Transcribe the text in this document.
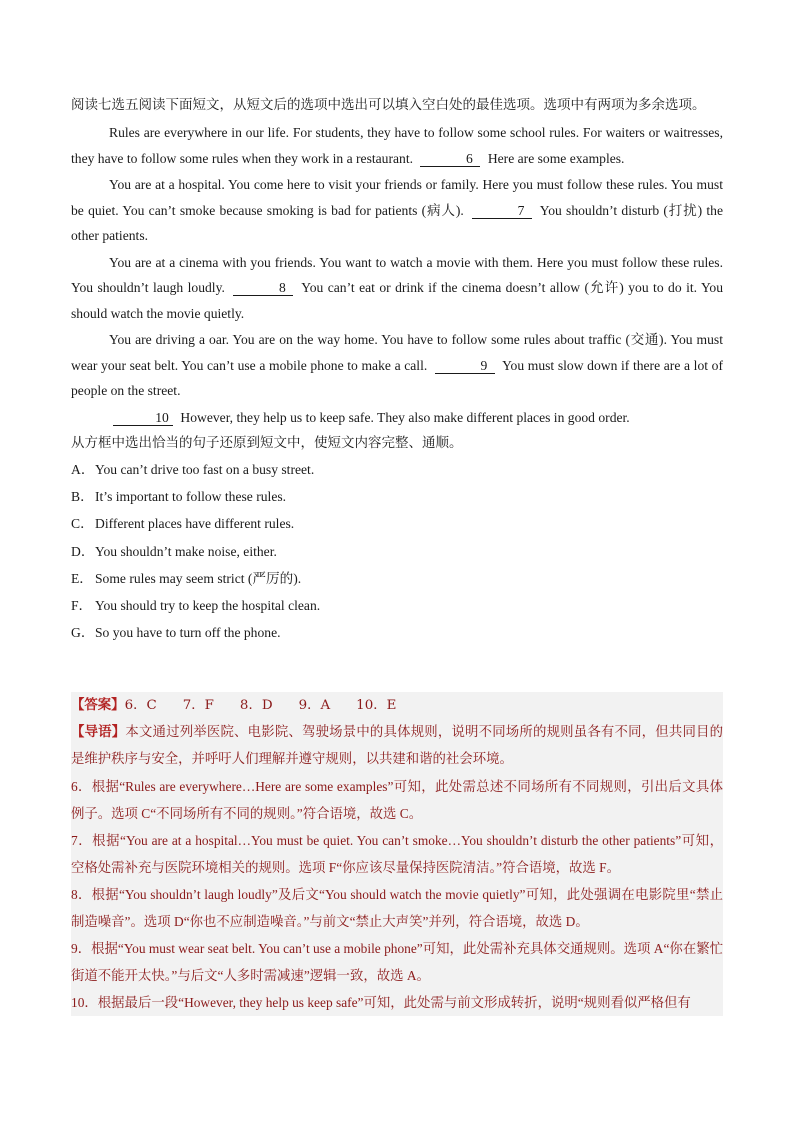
阅读七选五阅读下面短文，从短文后的选项中选出可以填入空白处的最佳选项。选项中有两项为多余选项。

Rules are everywhere in our life. For students, they have to follow some school rules. For waiters or waitresses, they have to follow some rules when they work in a restaurant.	6 Here are some examples.

You are at a hospital. You come here to visit your friends or family. Here you must follow these rules. You must be quiet. You can’t smoke because smoking is bad for patients (病人).	7 You shouldn’t disturb (打扰) the other patients.

You are at a cinema with you friends. You want to watch a movie with them. Here you must follow these rules. You shouldn’t laugh loudly.	8 You can’t eat or drink if the cinema doesn’t allow (允许) you to do it. You should watch the movie quietly.

You are driving a oar. You are on the way home. You have to follow some rules about traffic (交通). You must wear your seat belt. You can’t use a mobile phone to make a call.	9 You must slow down if there are a lot of people on the street.

10 However, they help us to keep safe. They also make different places in good order.

从方框中选出恰当的句子还原到短文中，使短文内容完整、通顺。

A．You can’t drive too fast on a busy street.

B．It’s important to follow these rules.

C．Different places have different rules.

D．You shouldn’t make noise, either.

E． Some rules may seem strict (严厉的).

F． You should try to keep the hospital clean.

G．So you have to turn off the phone.

【答案】6．C 7．F 8．D 9．A 10．E

【导语】本文通过列举医院、电影院、驾驶场景中的具体规则，说明不同场所的规则虽各有不同，但共同目的是维护秩序与安全，并呼吁人们理解并遵守规则，以共建和谐的社会环境。

6．根据“Rules are everywhere…Here are some examples”可知，此处需总述不同场所有不同规则，引出后文具体例子。选项 C“不同场所有不同的规则。”符合语境，故选 C。

7．根据“You are at a hospital…You must be quiet. You can’t smoke…You shouldn’t disturb the other patients”可知，空格处需补充与医院环境相关的规则。选项 F“你应该尽量保持医院清洁。”符合语境，故选 F。

8．根据“You shouldn’t laugh loudly”及后文“You should watch the movie quietly”可知，此处强调在电影院里“禁止制造噪音”。选项 D“你也不应制造噪音。”与前文“禁止大声笑”并列，符合语境，故选 D。

9．根据“You must wear seat belt. You can’t use a mobile phone”可知，此处需补充具体交通规则。选项 A“你在繁忙街道不能开太快。”与后文“人多时需减速”逻辑一致，故选 A。

10．根据最后一段“However, they help us keep safe”可知，此处需与前文形成转折，说明“规则看似严格但有
